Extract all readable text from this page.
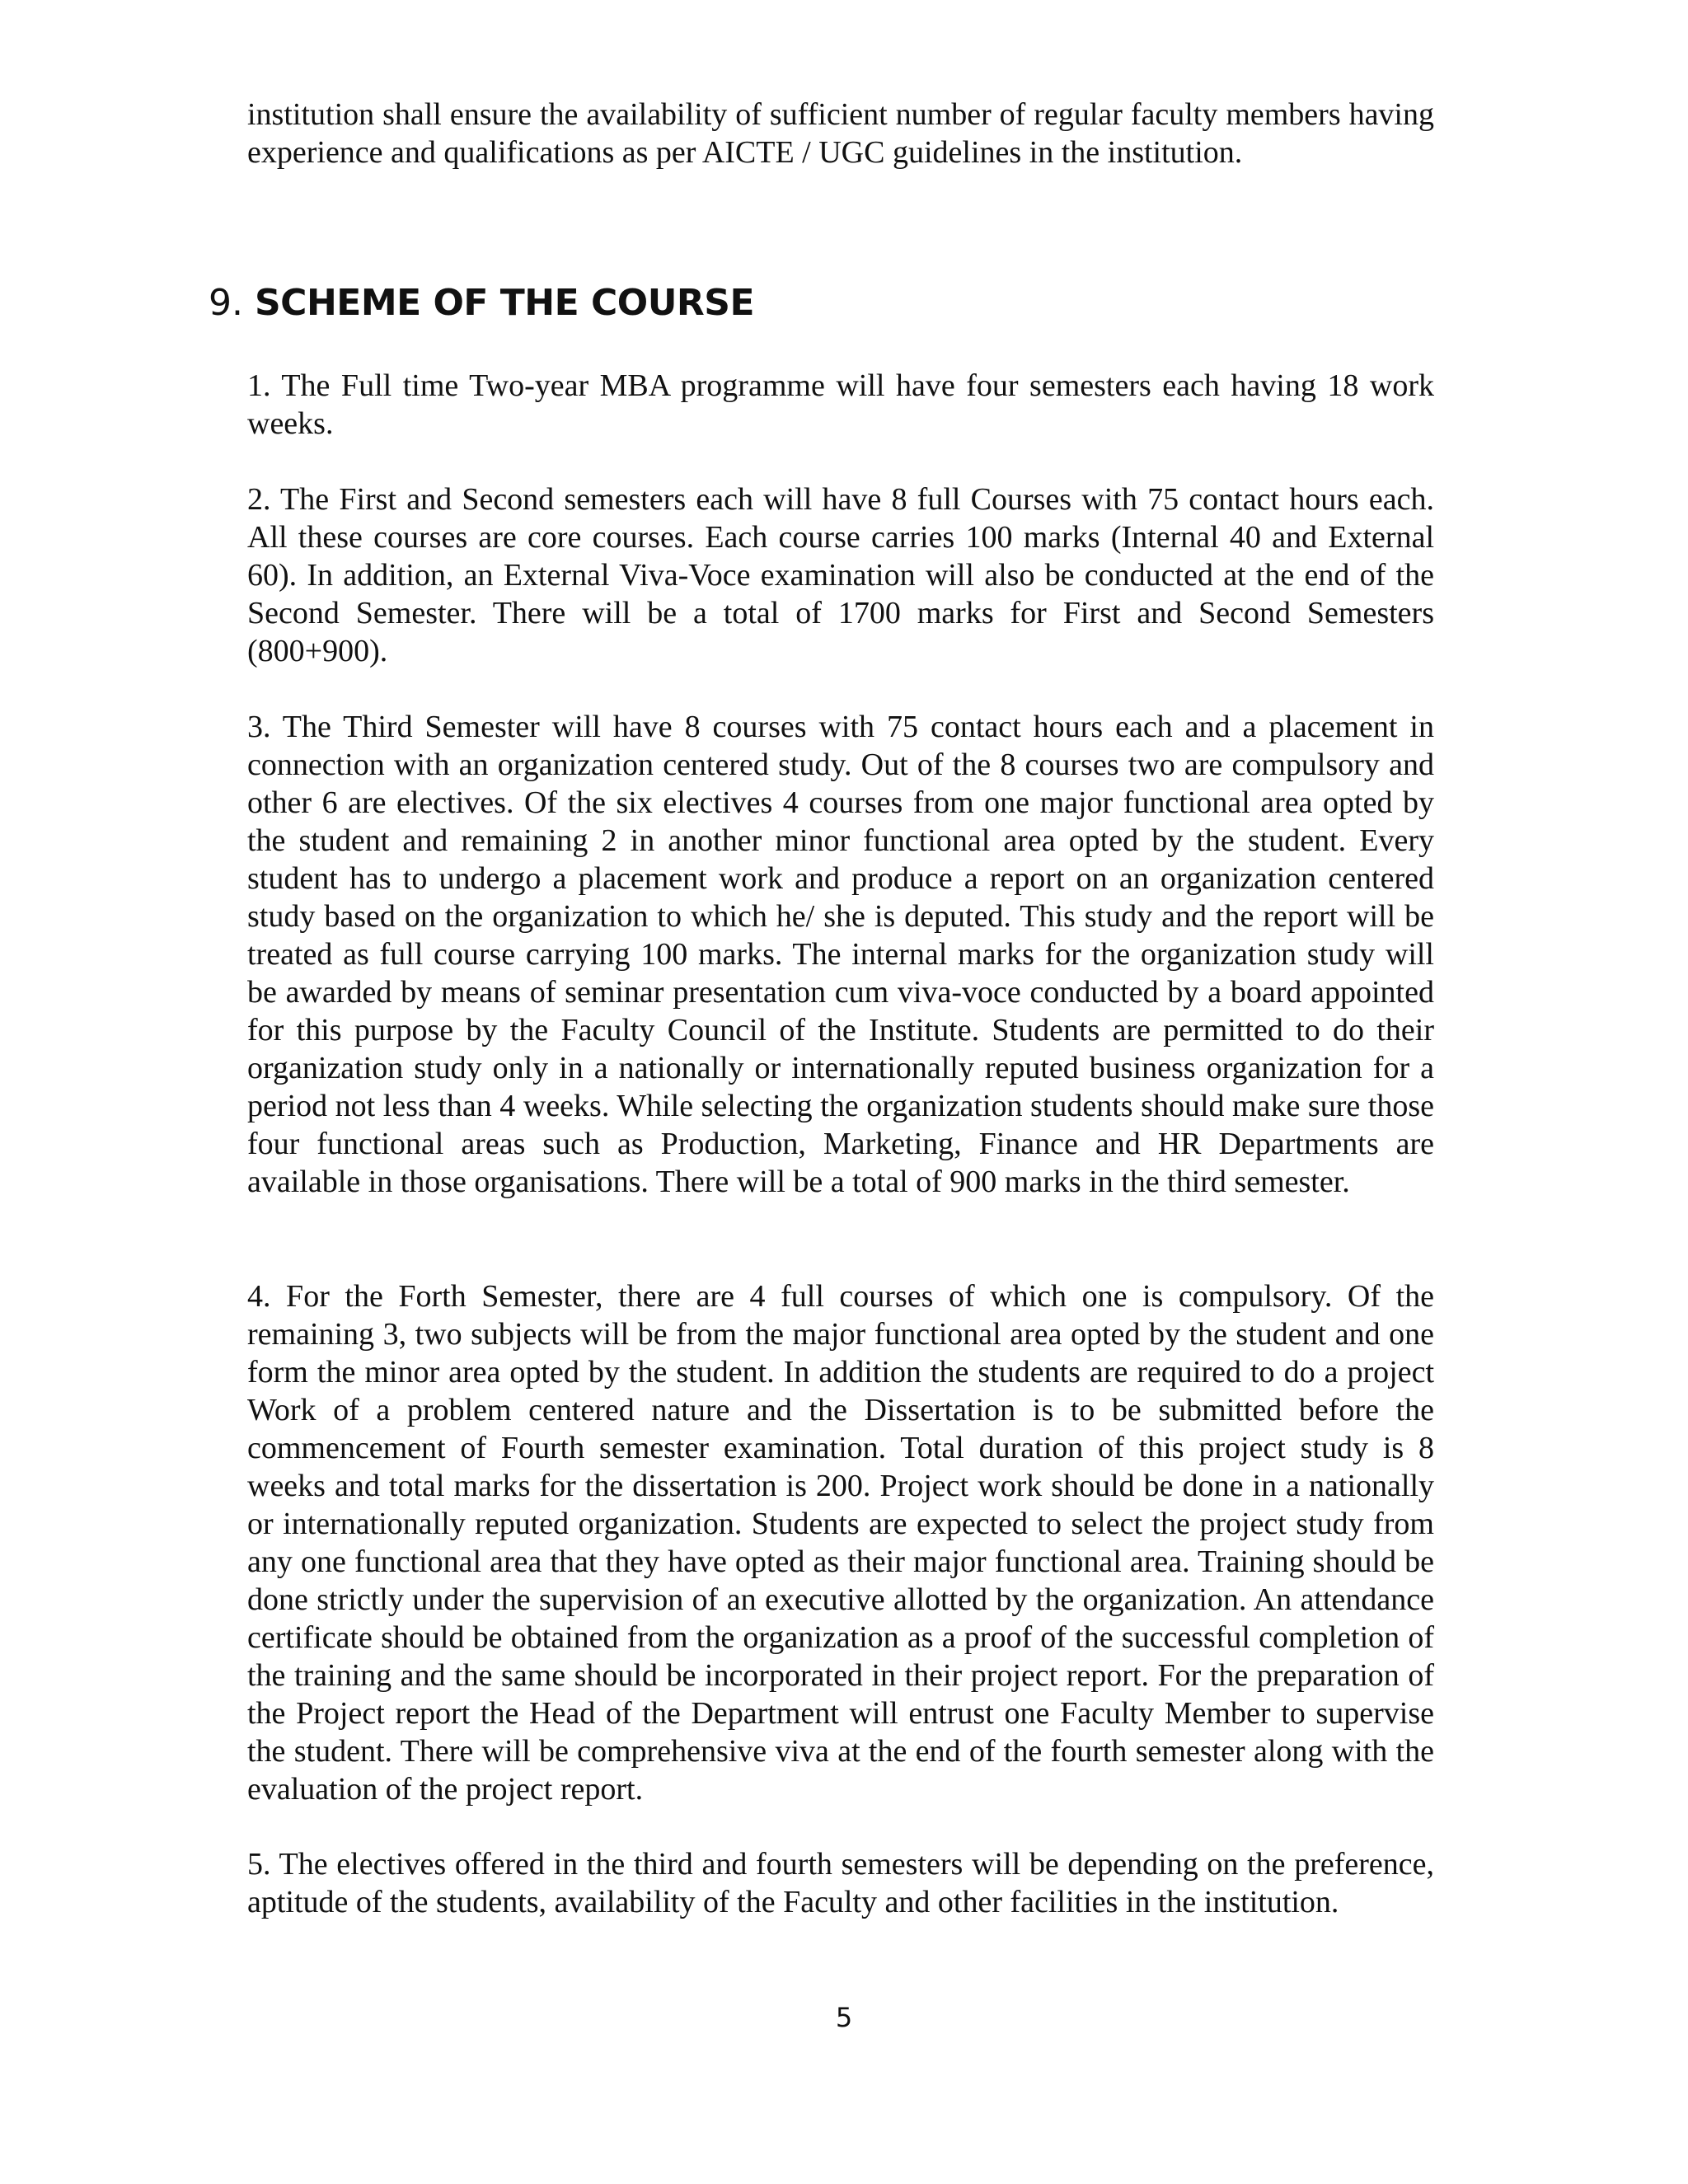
institution shall ensure the availability of sufficient number of regular faculty members having experience and qualifications as per AICTE / UGC guidelines in the institution.

9. SCHEME OF THE COURSE

1. The Full time Two-year MBA programme will have four semesters each having 18 work weeks.

2. The First and Second semesters each will have 8 full Courses with 75 contact hours each. All these courses are core courses. Each course carries 100 marks (Internal 40 and External 60). In addition, an External Viva-Voce examination will also be conducted at the end of the Second Semester. There will be a total of 1700 marks for First and Second Semesters (800+900).

3. The Third Semester will have 8 courses with 75 contact hours each and a placement in connection with an organization centered study. Out of the 8 courses two are compulsory and other 6 are electives. Of the six electives 4 courses from one major functional area opted by the student and remaining 2 in another minor functional area opted by the student. Every student has to undergo a placement work and produce a report on an organization centered study based on the organization to which he/ she is deputed. This study and the report will be treated as full course carrying 100 marks. The internal marks for the organization study will be awarded by means of seminar presentation cum viva-voce conducted by a board appointed for this purpose by the Faculty Council of the Institute. Students are permitted to do their organization study only in a nationally or internationally reputed business organization for a period not less than 4 weeks. While selecting the organization students should make sure those four functional areas such as Production, Marketing, Finance and HR Departments are available in those organisations. There will be a total of 900 marks in the third semester.

4. For the Forth Semester, there are 4 full courses of which one is compulsory. Of the remaining 3, two subjects will be from the major functional area opted by the student and one form the minor area opted by the student. In addition the students are required to do a project Work of a problem centered nature and the Dissertation is to be submitted before the commencement of Fourth semester examination. Total duration of this project study is 8 weeks and total marks for the dissertation is 200. Project work should be done in a nationally or internationally reputed organization. Students are expected to select the project study from any one functional area that they have opted as their major functional area. Training should be done strictly under the supervision of an executive allotted by the organization. An attendance certificate should be obtained from the organization as a proof of the successful completion of the training and the same should be incorporated in their project report. For the preparation of the Project report the Head of the Department will entrust one Faculty Member to supervise the student. There will be comprehensive viva at the end of the fourth semester along with the evaluation of the project report.

5. The electives offered in the third and fourth semesters will be depending on the preference, aptitude of the students, availability of the Faculty and other facilities in the institution.

5
